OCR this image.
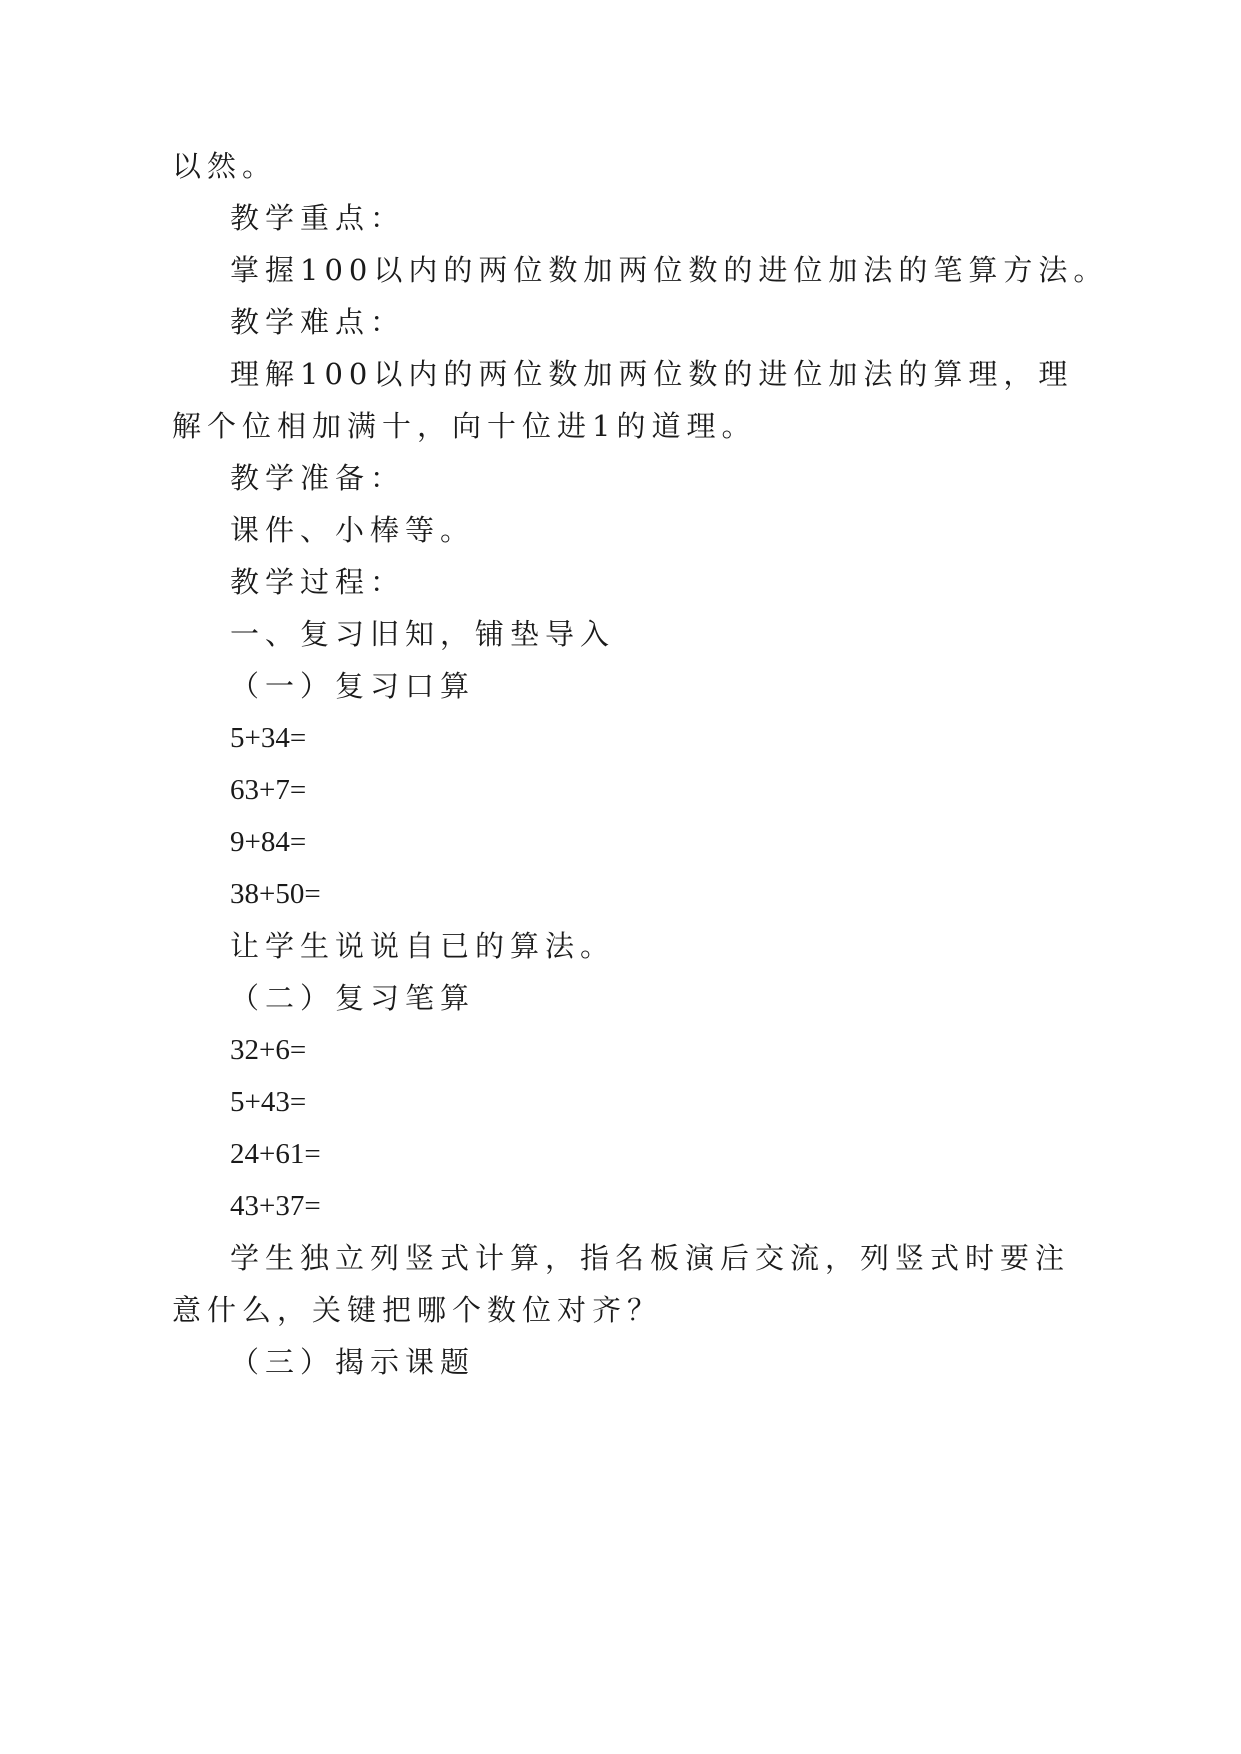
以然。
教学重点：
掌握100以内的两位数加两位数的进位加法的笔算方法。
教学难点：
理解100以内的两位数加两位数的进位加法的算理，理
解个位相加满十，向十位进1的道理。
教学准备：
课件、小棒等。
教学过程：
一、复习旧知，铺垫导入
（一）复习口算
5+34=
63+7=
9+84=
38+50=
让学生说说自已的算法。
（二）复习笔算
32+6=
5+43=
24+61=
43+37=
学生独立列竖式计算，指名板演后交流，列竖式时要注
意什么，关键把哪个数位对齐？
（三）揭示课题
